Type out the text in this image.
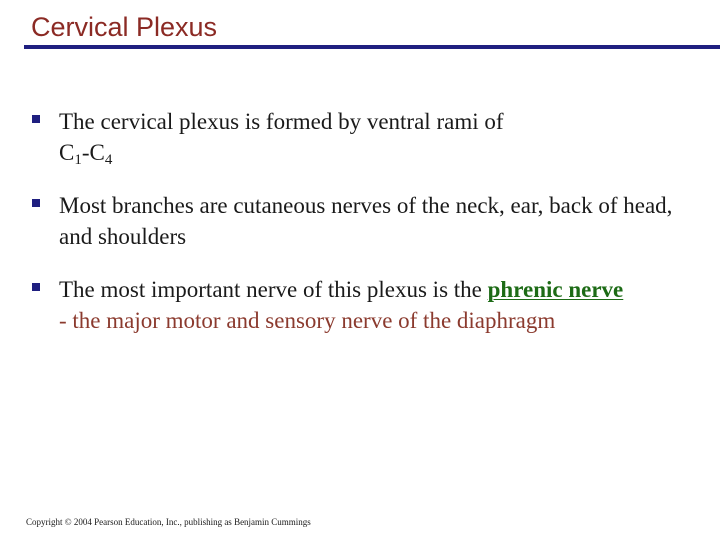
Cervical Plexus
The cervical plexus is formed by ventral rami of
$C_1-C_4$
Most branches are cutaneous nerves of the neck, ear, back of head, and shoulders
The most important nerve of this plexus is the phrenic nerve
- the major motor and sensory nerve of the diaphragm
Copyright © 2004 Pearson Education, Inc., publishing as Benjamin Cummings
